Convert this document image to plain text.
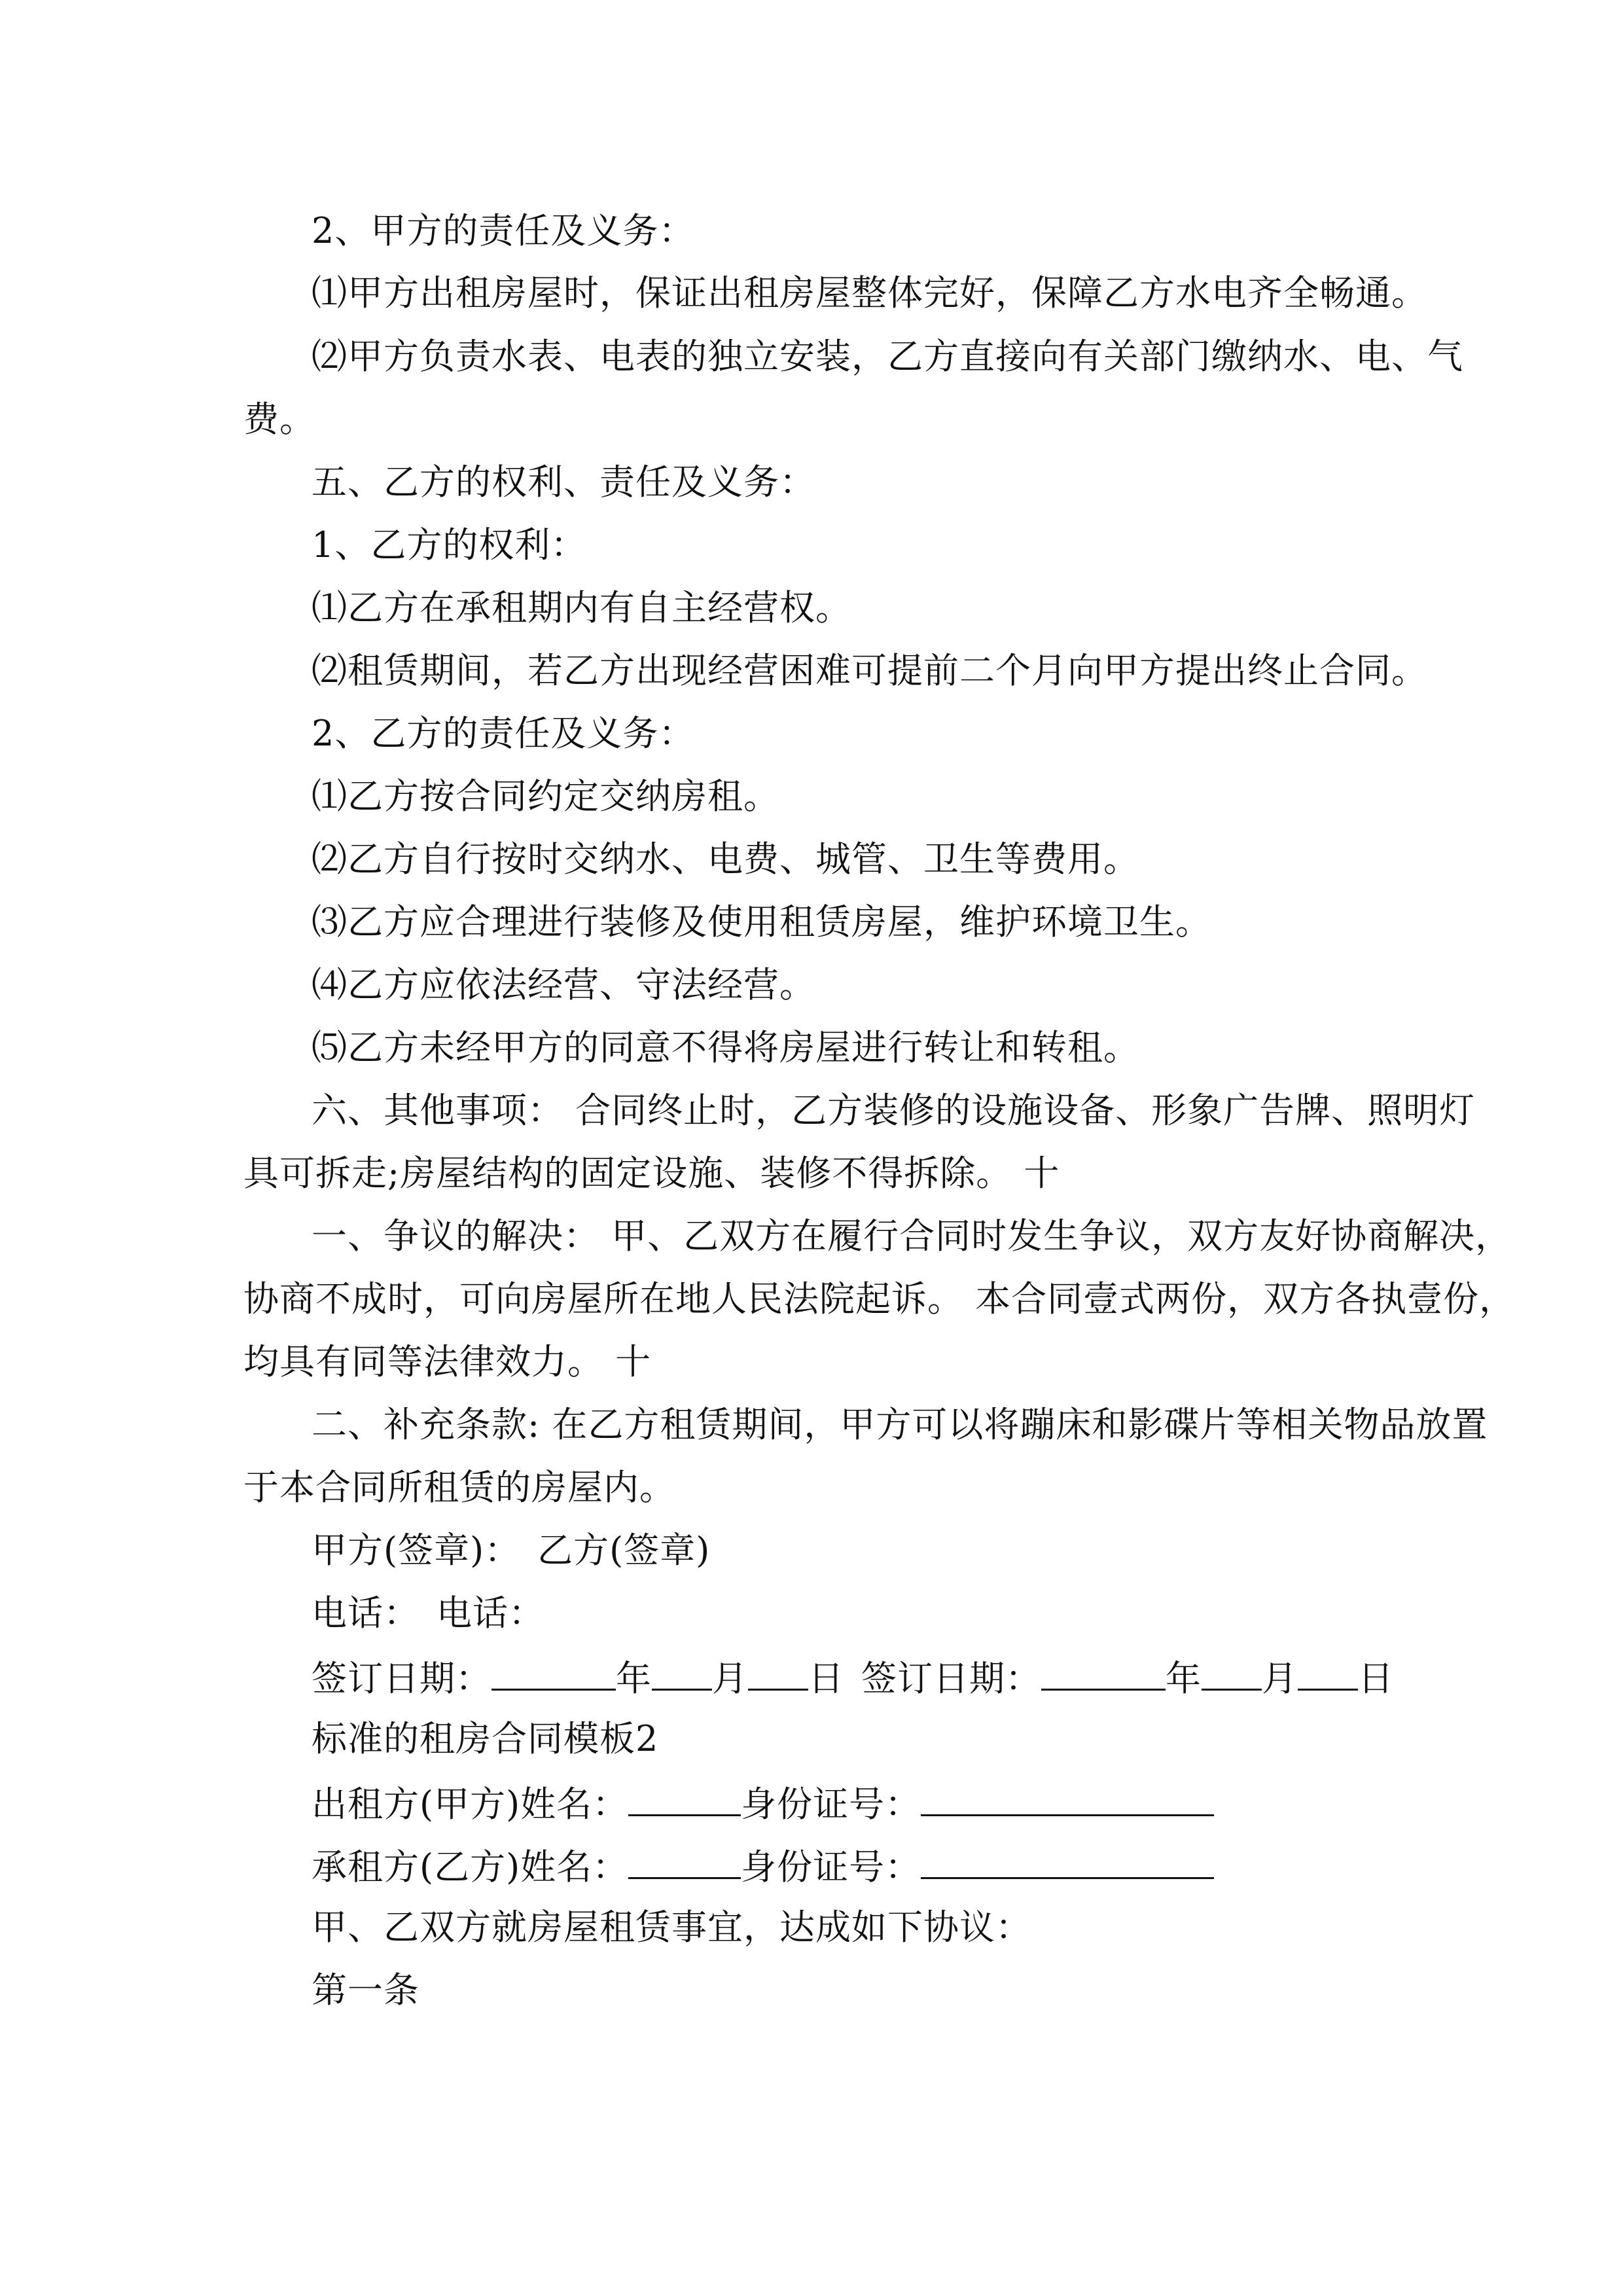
2、甲方的责任及义务：
⑴甲方出租房屋时，保证出租房屋整体完好，保障乙方水电齐全畅通。
⑵甲方负责水表、电表的独立安装，乙方直接向有关部门缴纳水、电、气
费。
五、乙方的权利、责任及义务：
1、乙方的权利：
⑴乙方在承租期内有自主经营权。
⑵租赁期间，若乙方出现经营困难可提前二个月向甲方提出终止合同。
2、乙方的责任及义务：
⑴乙方按合同约定交纳房租。
⑵乙方自行按时交纳水、电费、城管、卫生等费用。
⑶乙方应合理进行装修及使用租赁房屋，维护环境卫生。
⑷乙方应依法经营、守法经营。
⑸乙方未经甲方的同意不得将房屋进行转让和转租。
六、其他事项： 合同终止时，乙方装修的设施设备、形象广告牌、照明灯
具可拆走;房屋结构的固定设施、装修不得拆除。 十
一、争议的解决： 甲、乙双方在履行合同时发生争议，双方友好协商解决，
协商不成时，可向房屋所在地人民法院起诉。 本合同壹式两份，双方各执壹份，
均具有同等法律效力。 十
二、补充条款: 在乙方租赁期间，甲方可以将蹦床和影碟片等相关物品放置
于本合同所租赁的房屋内。
甲方(签章)： 乙方(签章)
电话： 电话：
签订日期：	年 月 日 签订日期：	年 月 日
标准的租房合同模板2
出租方(甲方)姓名：	身份证号：
承租方(乙方)姓名：	身份证号：
甲、乙双方就房屋租赁事宜，达成如下协议：
第一条
